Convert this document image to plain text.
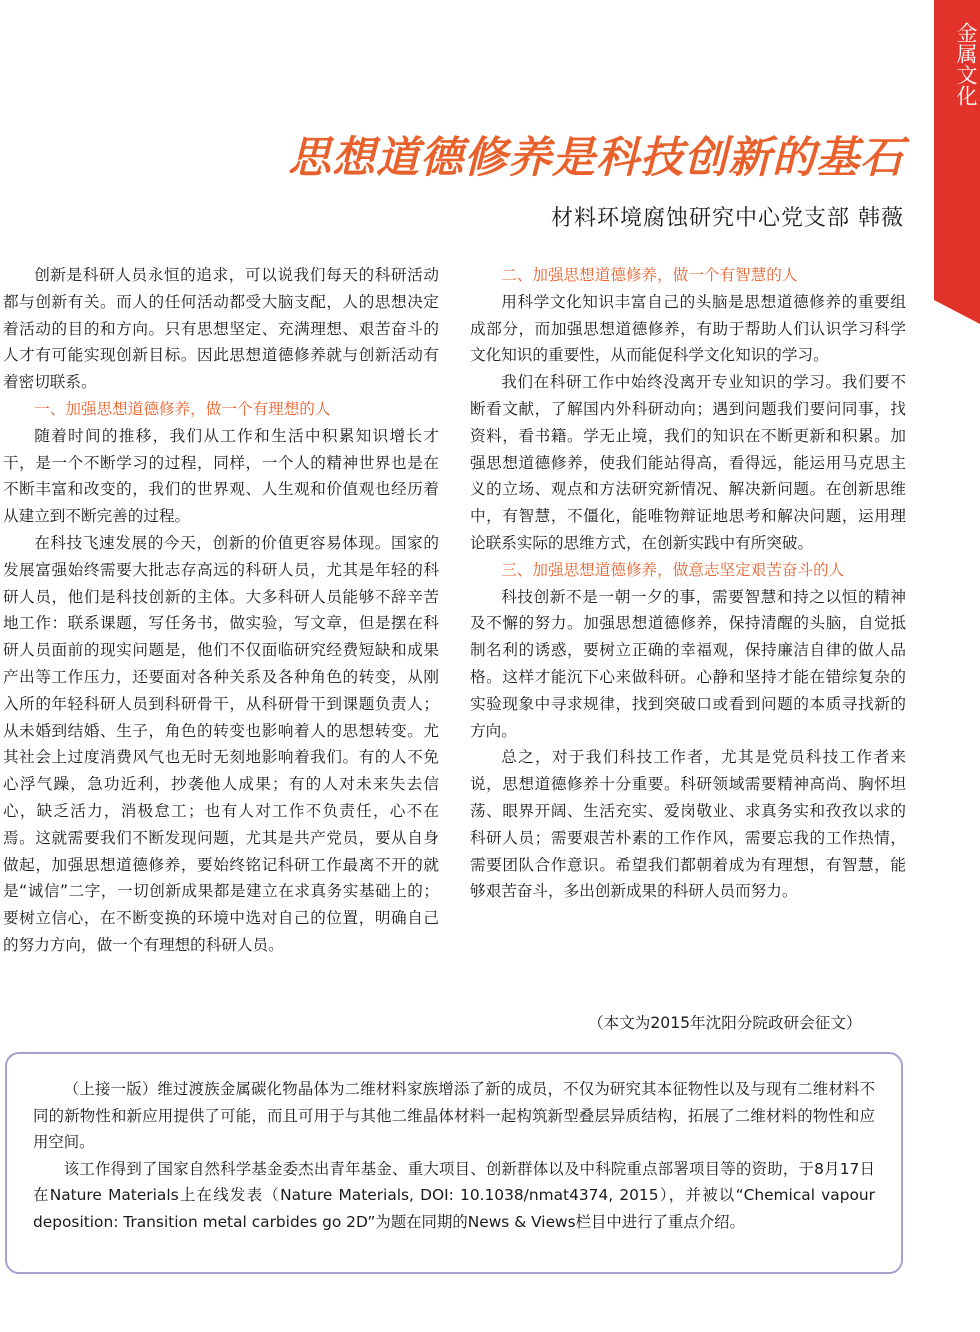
金属文化
思想道德修养是科技创新的基石
材料环境腐蚀研究中心党支部 韩薇

创新是科研人员永恒的追求，可以说我们每天的科研活动都与创新有关。而人的任何活动都受大脑支配，人的思想决定着活动的目的和方向。只有思想坚定、充满理想、艰苦奋斗的人才有可能实现创新目标。因此思想道德修养就与创新活动有着密切联系。

一、加强思想道德修养，做一个有理想的人

随着时间的推移，我们从工作和生活中积累知识增长才干，是一个不断学习的过程，同样，一个人的精神世界也是在不断丰富和改变的，我们的世界观、人生观和价值观也经历着从建立到不断完善的过程。

在科技飞速发展的今天，创新的价值更容易体现。国家的发展富强始终需要大批志存高远的科研人员，尤其是年轻的科研人员，他们是科技创新的主体。大多科研人员能够不辞辛苦地工作：联系课题，写任务书，做实验，写文章，但是摆在科研人员面前的现实问题是，他们不仅面临研究经费短缺和成果产出等工作压力，还要面对各种关系及各种角色的转变，从刚入所的年轻科研人员到科研骨干，从科研骨干到课题负责人；从未婚到结婚、生子，角色的转变也影响着人的思想转变。尤其社会上过度消费风气也无时无刻地影响着我们。有的人不免心浮气躁，急功近利，抄袭他人成果；有的人对未来失去信心，缺乏活力，消极怠工；也有人对工作不负责任，心不在焉。这就需要我们不断发现问题，尤其是共产党员，要从自身做起，加强思想道德修养，要始终铭记科研工作最离不开的就是“诚信”二字，一切创新成果都是建立在求真务实基础上的；要树立信心，在不断变换的环境中选对自己的位置，明确自己的努力方向，做一个有理想的科研人员。

二、加强思想道德修养，做一个有智慧的人

用科学文化知识丰富自己的头脑是思想道德修养的重要组成部分，而加强思想道德修养，有助于帮助人们认识学习科学文化知识的重要性，从而能促科学文化知识的学习。

我们在科研工作中始终没离开专业知识的学习。我们要不断看文献，了解国内外科研动向；遇到问题我们要问同事，找资料，看书籍。学无止境，我们的知识在不断更新和积累。加强思想道德修养，使我们能站得高，看得远，能运用马克思主义的立场、观点和方法研究新情况、解决新问题。在创新思维中，有智慧，不僵化，能唯物辩证地思考和解决问题，运用理论联系实际的思维方式，在创新实践中有所突破。

三、加强思想道德修养，做意志坚定艰苦奋斗的人

科技创新不是一朝一夕的事，需要智慧和持之以恒的精神及不懈的努力。加强思想道德修养，保持清醒的头脑，自觉抵制名利的诱惑，要树立正确的幸福观，保持廉洁自律的做人品格。这样才能沉下心来做科研。心静和坚持才能在错综复杂的实验现象中寻求规律，找到突破口或看到问题的本质寻找新的方向。

总之，对于我们科技工作者，尤其是党员科技工作者来说，思想道德修养十分重要。科研领域需要精神高尚、胸怀坦荡、眼界开阔、生活充实、爱岗敬业、求真务实和孜孜以求的科研人员；需要艰苦朴素的工作作风，需要忘我的工作热情，需要团队合作意识。希望我们都朝着成为有理想，有智慧，能够艰苦奋斗，多出创新成果的科研人员而努力。

（本文为2015年沈阳分院政研会征文）

（上接一版）维过渡族金属碳化物晶体为二维材料家族增添了新的成员，不仅为研究其本征物性以及与现有二维材料不同的新物性和新应用提供了可能，而且可用于与其他二维晶体材料一起构筑新型叠层异质结构，拓展了二维材料的物性和应用空间。

该工作得到了国家自然科学基金委杰出青年基金、重大项目、创新群体以及中科院重点部署项目等的资助，于8月17日在Nature Materials上在线发表（Nature Materials, DOI: 10.1038/nmat4374, 2015），并被以“Chemical vapour deposition: Transition metal carbides go 2D”为题在同期的News & Views栏目中进行了重点介绍。
